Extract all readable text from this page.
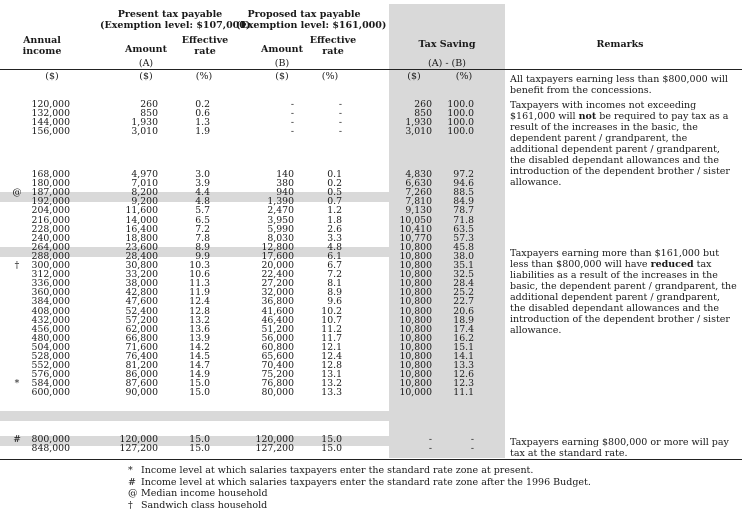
Annual
income
Present tax payable
(Exemption level: $107,000)
Proposed tax payable
(Exemption level: $161,000)
Amount
(A)
Effective
rate	Amount
(B)
Effective
rate
Tax Saving
(A) - (B)
Remarks
($)	($)	(%)	($)	(%)	($)	(%)
120,000	260	0.2	-	-	260	100.0
132,000	850	0.6	-	-	850	100.0
144,000	1,930	1.3	-	-	1,930	100.0
156,000	3,010	1.9	-	-	3,010	100.0
168,000	4,970	3.0	140	0.1	4,830	97.2
180,000	7,010	3.9	380	0.2	6,630	94.6
@	187,000	8,200	4.4	940	0.5	7,260	88.5
192,000	9,200	4.8	1,390	0.7	7,810	84.9
204,000	11,600	5.7	2,470	1.2	9,130	78.7
216,000	14,000	6.5	3,950	1.8	10,050	71.8
228,000	16,400	7.2	5,990	2.6	10,410	63.5
240,000	18,800	7.8	8,030	3.3	10,770	57.3
264,000	23,600	8.9	12,800	4.8	10,800	45.8
288,000	28,400	9.9	17,600	6.1	10,800	38.0
†	300,000	30,800	10.3	20,000	6.7	10,800	35.1
312,000	33,200	10.6	22,400	7.2	10,800	32.5
336,000	38,000	11.3	27,200	8.1	10,800	28.4
360,000	42,800	11.9	32,000	8.9	10,800	25.2
384,000	47,600	12.4	36,800	9.6	10,800	22.7
408,000	52,400	12.8	41,600	10.2	10,800	20.6
432,000	57,200	13.2	46,400	10.7	10,800	18.9
456,000	62,000	13.6	51,200	11.2	10,800	17.4
480,000	66,800	13.9	56,000	11.7	10,800	16.2
504,000	71,600	14.2	60,800	12.1	10,800	15.1
528,000	76,400	14.5	65,600	12.4	10,800	14.1
552,000	81,200	14.7	70,400	12.8	10,800	13.3
576,000	86,000	14.9	75,200	13.1	10,800	12.6
*	584,000	87,600	15.0	76,800	13.2	10,800	12.3
600,000	90,000	15.0	80,000	13.3	10,000	11.1
#	800,000	120,000	15.0	120,000	15.0	-	-
848,000	127,200	15.0	127,200	15.0	-	-
All taxpayers earning less than $800,000 will benefit from the concessions.
Taxpayers with incomes not exceeding $161,000 will not be required to pay tax as a result of the increases in the basic, the dependent parent / grandparent, the additional dependent parent / grandparent, the disabled dependant allowances and the introduction of the dependent brother / sister allowance.
Taxpayers earning more than $161,000 but less than $800,000 will have reduced tax liabilities as a result of the increases in the basic, the dependent parent / grandparent, the additional dependent parent / grandparent, the disabled dependant allowances and the introduction of the dependent brother / sister allowance.
Taxpayers earning $800,000 or more will pay tax at the standard rate.
* Income level at which salaries taxpayers enter the standard rate zone at present.
# Income level at which salaries taxpayers enter the standard rate zone after the 1996 Budget.
@ Median income household
† Sandwich class household
